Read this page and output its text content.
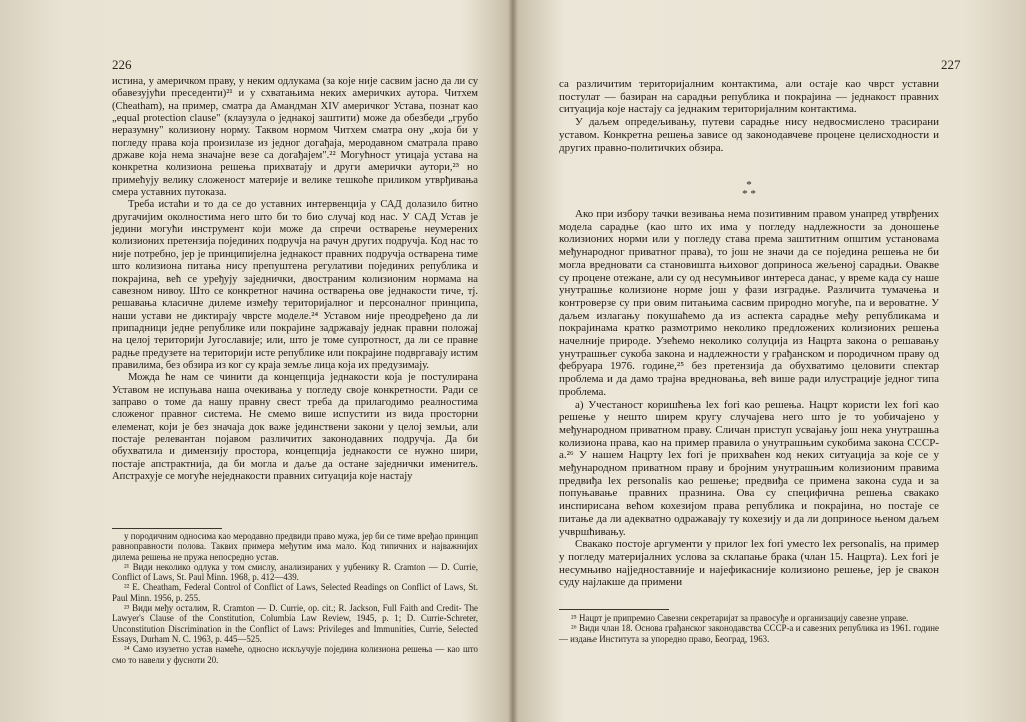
226

истина, у америчком праву, у неким одлукама (за које није сасвим јасно да ли су обавезујући преседенти)²¹ и у схватањима неких америчких аутора. Читхем (Cheatham), на пример, сматра да Амандман XIV америчког Устава, познат као „equal protection clause" (клаузула о једнакој заштити) може да обезбеди „грубо неразумну" колизиону норму. Таквом нормом Читхем сматра ону „која би у погледу права која произилазе из једног догађаја, меродавном сматрала право државе која нема значајне везе са догађајем".²² Могућност утицаја устава на конкретна колизиона решења прихватају и други амерички аутори,²³ но примећују велику сложеност материје и велике тешкоће приликом утврђивања смера уставних путоказа.

Треба истаћи и то да се до уставних интервенција у САД долазило битно другачијим околностима него што би то био случај код нас. У САД Устав је једини могући инструмент који може да спречи остварење неумерених колизионих претензија појединих подручја на рачун других подручја. Код нас то није потребно, јер је принципијелна једнакост правних подручја остварена тиме што колизиона питања нису препуштена регулативи појединих република и покрајина, већ се уређују заједнички, двостраним колизионим нормама на савезном нивоу. Што се конкретног начина остварења ове једнакости тиче, тј. решавања класичне дилеме између територијалног и персоналног принципа, наши устави не диктирају чврсте моделе.²⁴ Уставом није преодређено да ли припадници једне републике или покрајине задржавају једнак правни положај на целој територији Југославије; или, што је томе супротност, да ли се правне радње предузете на територији исте републике или покрајине подвргавају истим правилима, без обзира из ког су краја земље лица која их предузимају.

Можда ће нам се чинити да концепција једнакости која је постулирана Уставом не испуњава наша очекивања у погледу своје конкретности. Ради се заправо о томе да нашу правну свест треба да прилагодимо реалностима сложеног правног система. Не смемо више испустити из вида просторни елеменат, који је без значаја док важе јединствени закони у целој земљи, али постаје релевантан појавом различитих законодавних подручја. Да би обухватила и димензију простора, концепција једнакости се нужно шири, постаје апстрактнија, да би могла и даље да остане заједнички именитељ. Апстрахује се могуће неједнакости правних ситуација које настају

у породичним односима као меродавно предвиди право мужа, јер би се тиме вређао принцип равноправности полова. Таквих примера међутим има мало. Код типичних и најважнијих дилема решења не пружа непосредно устав.

²¹ Види неколико одлука у том смислу, анализираних у уџбенику R. Cramton — D. Currie, Conflict of Laws, St. Paul Minn. 1968, p. 412—439.

²² E. Cheatham, Federal Control of Conflict of Laws, Selected Readings on Conflict of Laws, St. Paul Minn. 1956, p. 255.

²³ Види међу осталим, R. Cramton — D. Currie, op. cit.; R. Jackson, Full Faith and Credit- The Lawyer's Clause of the Constitution, Columbia Law Review, 1945, p. 1; D. Currie-Schreter, Unconstitution Discrimination in the Conflict of Laws: Privileges and Immunities, Currie, Selected Essays, Durham N. C. 1963, p. 445—525.

²⁴ Само изузетно устав намеће, односно искључује поједина колизиона решења — као што смо то навели у фусноти 20.

227

са различитим територијалним контактима, али остаје као чврст уставни постулат — базиран на сарадњи република и покрајина — једнакост правних ситуација које настају са једнаким територијалним контактима.

У даљем опредељивању, путеви сарадње нису недвосмислено трасирани уставом. Конкретна решења зависе од законодавчеве процене целисходности и других правно-политичких обзира.

*
* *

Ако при избору тачки везивања нема позитивним правом унапред утврђених модела сарадње (као што их има у погледу надлежности за доношење колизионих норми или у погледу става према заштитним општим установама међународног приватног права), то још не значи да се поједина решења не би могла вредновати са становишта њиховог доприноса жељеној сарадњи. Овакве су процене отежане, али су од несумњивог интереса данас, у време када су наше унутрашње колизионе норме још у фази изградње. Различита тумачења и контроверзе су при овим питањима сасвим природно могуће, па и вероватне. У даљем излагању покушаћемо да из аспекта сарадње међу републикама и покрајинама кратко размотримо неколико предложених колизионих решења начелније природе. Узећемо неколико солуција из Нацрта закона о решавању унутрашњег сукоба закона и надлежности у грађанском и породичном праву од фебруара 1976. године,²⁵ без претензија да обухватимо целовити спектар проблема и да дамо трајна вредновања, већ више ради илустрације једног типа проблема.

а) Учестаност коришћења lex fori као решења. Нацрт користи lex fori као решење у нешто ширем кругу случајева него што је то уобичајено у међународном приватном праву. Сличан приступ усвајању још нека унутрашња колизиона права, као на пример правила о унутрашњим сукобима закона СССР-а.²⁶ У нашем Нацрту lex fori је прихваћен код неких ситуација за које се у међународном приватном праву и бројним унутрашњим колизионим правима предвиђа lex personalis као решење; предвиђа се примена закона суда и за попуњавање правних празнина. Ова су специфична решења свакако инспирисана већом кохезијом права република и покрајина, но постаје се питање да ли адекватно одражавају ту кохезију и да ли доприносе њеном даљем учвршћивању.

Свакако постоје аргументи у прилог lex fori уместо lex personalis, на пример у погледу материјалних услова за склапање брака (члан 15. Нацрта). Lex fori је несумњиво најједноставније и најефикасније колизионо решење, јер је свакон суду најлакше да примени

²⁵ Нацрт је припремио Савезни секретаријат за правосуђе и организацију савезне управе.

²⁶ Види члан 18. Основа грађанског законодавства СССР-а и савезних република из 1961. године — издање Института за упоредно право, Београд, 1963.
